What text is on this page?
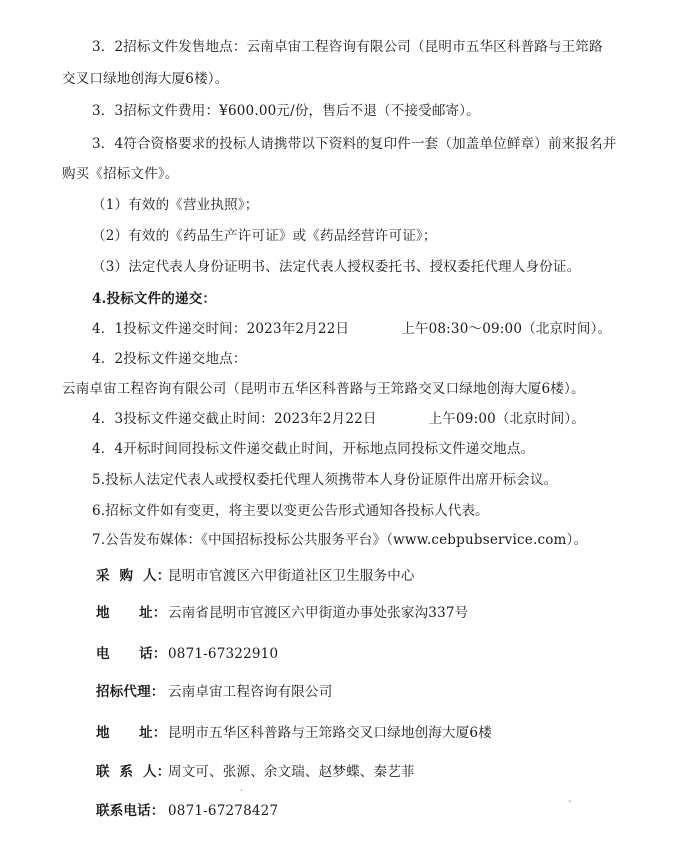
3．2招标文件发售地点：云南卓宙工程咨询有限公司（昆明市五华区科普路与王筇路
交叉口绿地创海大厦6楼）。
3．3招标文件费用：¥600.00元/份，售后不退（不接受邮寄）。
3．4符合资格要求的投标人请携带以下资料的复印件一套（加盖单位鲜章）前来报名并
购买《招标文件》。
（1）有效的《营业执照》；
（2）有效的《药品生产许可证》或《药品经营许可证》；
（3）法定代表人身份证明书、法定代表人授权委托书、授权委托代理人身份证。
4.投标文件的递交：
4．1投标文件递交时间：2023年2月22日	上午08:30～09:00（北京时间）。
4．2投标文件递交地点：
云南卓宙工程咨询有限公司（昆明市五华区科普路与王筇路交叉口绿地创海大厦6楼）。
4．3投标文件递交截止时间：2023年2月22日	上午09:00（北京时间）。
4．4开标时间同投标文件递交截止时间，开标地点同投标文件递交地点。
5.投标人法定代表人或授权委托代理人须携带本人身份证原件出席开标会议。
6.招标文件如有变更，将主要以变更公告形式通知各投标人代表。
7.公告发布媒体：《中国招标投标公共服务平台》（www.cebpubservice.com）。
采  购  人：昆明市官渡区六甲街道社区卫生服务中心
地      址： 云南省昆明市官渡区六甲街道办事处张家沟337号
电      话： 0871-67322910
招标代理： 云南卓宙工程咨询有限公司
地      址： 昆明市五华区科普路与王筇路交叉口绿地创海大厦6楼
联  系  人：周文可、张源、余文瑞、赵梦蝶、秦艺菲
联系电话： 0871-67278427
·
-
